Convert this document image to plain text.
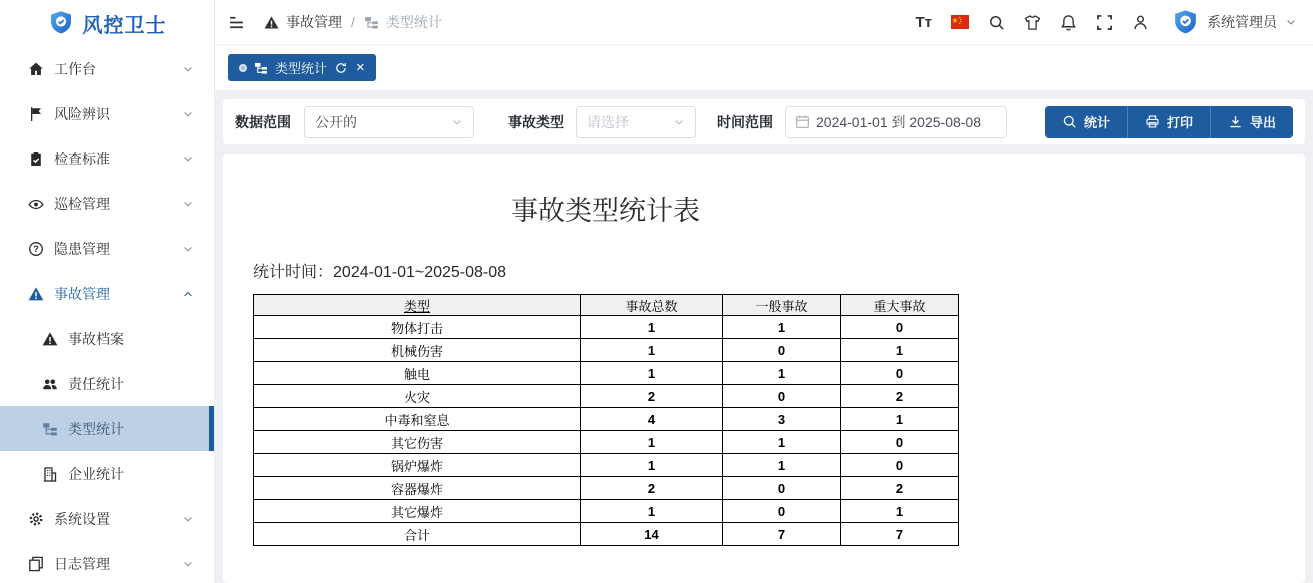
风控卫士
工作台
风险辨识
检查标准
巡检管理
? 隐患管理
事故管理
事故档案
责任统计
类型统计
企业统计
系统设置
日志管理
事故管理 / 类型统计	Tт	系统管理员
类型统计 ×
数据范围 公开的	事故类型 请选择	时间范围	2024-01-01 到 2025-08-08	统计	打印	导出
事故类型统计表
统计时间：2024-01-01~2025-08-08
类型	事故总数	一般事故	重大事故
物体打击	1	1	0
机械伤害	1	0	1
触电	1	1	0
火灾	2	0	2
中毒和窒息	4	3	1
其它伤害	1	1	0
锅炉爆炸	1	1	0
容器爆炸	2	0	2
其它爆炸	1	0	1
合计	14	7	7
